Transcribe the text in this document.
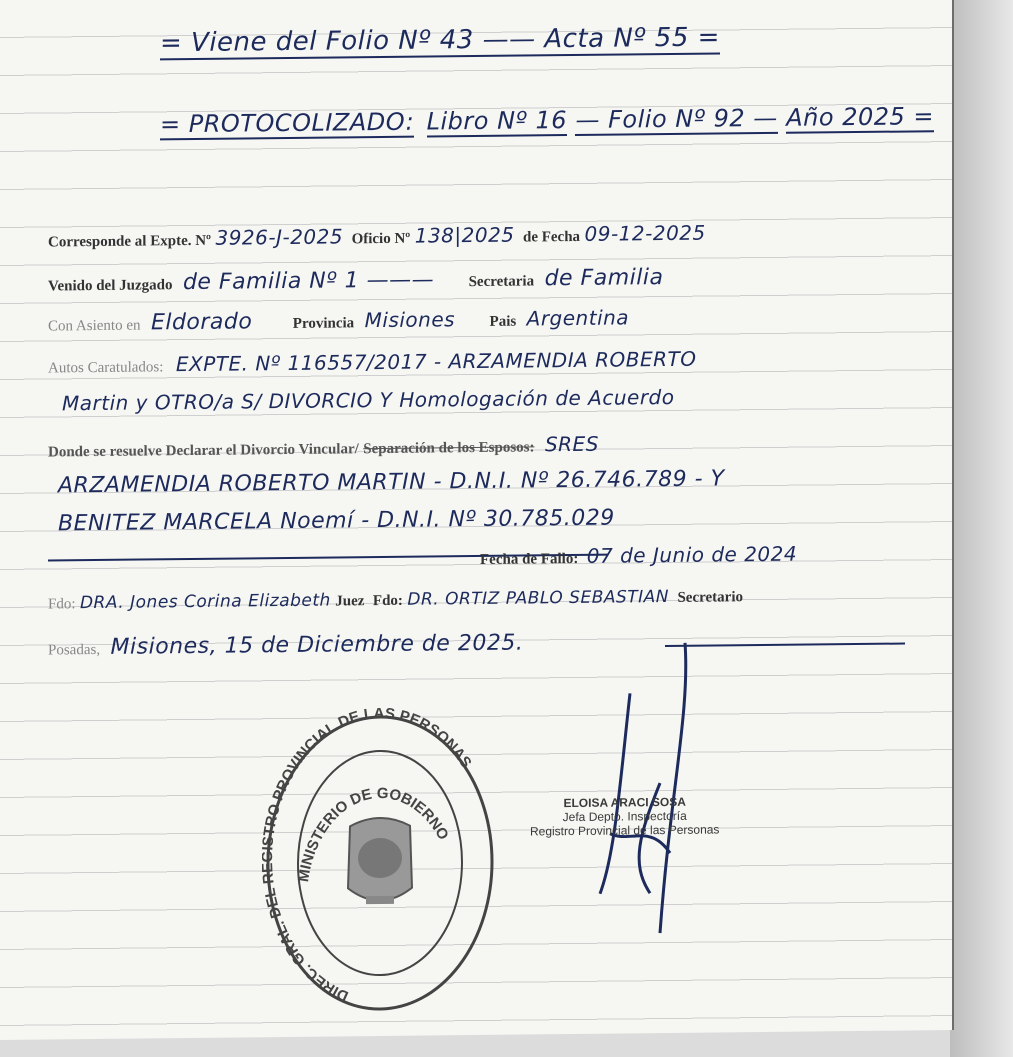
= Viene del Folio Nº 43 —— Acta Nº 55 =
= PROTOCOLIZADO: Libro Nº 16 — Folio Nº 92 — Año 2025 =
Corresponde al Expte. Nº 3926-J-2025 Oficio Nº 138|2025 de Fecha 09-12-2025
Venido del Juzgado de Familia Nº 1 ——— Secretaria de Familia
Con Asiento en Eldorado	Provincia Misiones Pais Argentina
Autos Caratulados: EXPTE. Nº 116557/2017 - ARZAMENDIA ROBERTO
Martin y OTRO/a S/ DIVORCIO Y Homologación de Acuerdo
Donde se resuelve Declarar el Divorcio Vincular/ Separación de los Esposos: SRES
ARZAMENDIA ROBERTO MARTIN - D.N.I. Nº 26.746.789 - Y
BENITEZ MARCELA Noemí - D.N.I. Nº 30.785.029
Fecha de Fallo: 07 de Junio de 2024
Fdo: DRA. Jones Corina Elizabeth Juez Fdo: DR. ORTIZ PABLO SEBASTIAN Secretario
Posadas, Misiones, 15 de Diciembre de 2025.
DIREC. GRAL. DEL REGISTRO PROVINCIAL DE LAS PERSONAS
MINISTERIO DE GOBIERNO
ELOISA ARACI SOSA
Jefa Depto. Inspectoría
Registro Provincial de las Personas
